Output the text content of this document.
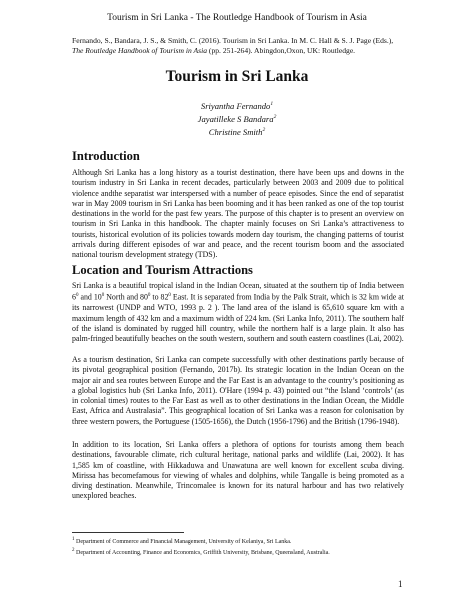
Tourism in Sri Lanka - The Routledge Handbook of Tourism in Asia
Fernando, S., Bandara, J. S., & Smith, C. (2016). Tourism in Sri Lanka. In M. C. Hall & S. J. Page (Eds.),
The Routledge Handbook of Tourism in Asia (pp. 251-264). Abingdon,Oxon, UK: Routledge.
Tourism in Sri Lanka
Sriyantha Fernando$^1$
Jayatilleke S Bandara$^2$
Christine Smith$^2$
Introduction

Although Sri Lanka has a long history as a tourist destination, there have been ups and downs in the tourism industry in Sri Lanka in recent decades, particularly between 2003 and 2009 due to political violence andthe separatist war interspersed with a number of peace episodes. Since the end of separatist war in May 2009 tourism in Sri Lanka has been booming and it has been ranked as one of the top tourist destinations in the world for the past few years. The purpose of this chapter is to present an overview on tourism in Sri Lanka in this handbook. The chapter mainly focuses on Sri Lanka’s attractiveness to tourists, historical evolution of its policies towards modern day tourism, the changing patterns of tourist arrivals during different episodes of war and peace, and the recent tourism boom and the associated national tourism development strategy (TDS).

Location and Tourism Attractions

Sri Lanka is a beautiful tropical island in the Indian Ocean, situated at the southern tip of India between $6^0$ and $10^0$ North and $80^0$ to $82^0$ East. It is separated from India by the Palk Strait, which is 32 km wide at its narrowest (UNDP and WTO, 1993 p. 2 ). The land area of the island is 65,610 square km with a maximum length of 432 km and a maximum width of 224 km. (Sri Lanka Info, 2011). The southern half of the island is dominated by rugged hill country, while the northern half is a large plain. It also has palm-fringed beautifully beaches on the south western, southern and south eastern coastlines (Lai, 2002).

As a tourism destination, Sri Lanka can compete successfully with other destinations partly because of its pivotal geographical position (Fernando, 2017b). Its strategic location in the Indian Ocean on the major air and sea routes between Europe and the Far East is an advantage to the country’s positioning as a global logistics hub (Sri Lanka Info, 2011). O'Hare (1994 p. 43) pointed out “the Island ‘controls’ (as in colonial times) routes to the Far East as well as to other destinations in the Indian Ocean, the Middle East, Africa and Australasia”. This geographical location of Sri Lanka was a reason for colonisation by three western powers, the Portuguese (1505-1656), the Dutch (1956-1796) and the British (1796-1948).

In addition to its location, Sri Lanka offers a plethora of options for tourists among them beach destinations, favourable climate, rich cultural heritage, national parks and wildlife (Lai, 2002). It has 1,585 km of coastline, with Hikkaduwa and Unawatuna are well known for excellent scuba diving. Mirissa has becomefamous for viewing of whales and dolphins, while Tangalle is being promoted as a diving destination. Meanwhile, Trincomalee is known for its natural harbour and has two relatively unexplored beaches.

$^1$ Department of Commerce and Financial Management, University of Kelaniya, Sri Lanka.
$^2$ Department of Accounting, Finance and Economics, Griffith University, Brisbane, Queensland, Australia.
1
